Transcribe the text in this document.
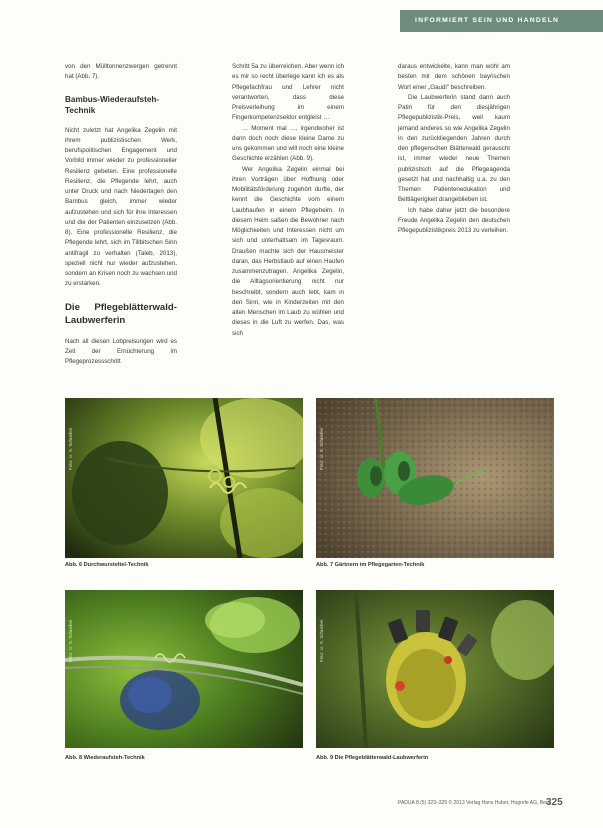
INFORMIERT SEIN UND HANDELN

von den Mülltonnenzwergen getrennt hat (Abb. 7).

Bambus-Wiederaufsteh-Technik

Nicht zuletzt hat Angelika Zegelin mit ihrem publizistischen Werk, berufspolitischen Engagement und Vorbild immer wieder zu professioneller Resilienz gebeten. Eine professionelle Resilienz, die Pflegende lehrt, auch unter Druck und nach Niederlagen den Bambus gleich, immer wieder aufzustehen und sich für ihre Interessen und die der Patienten einzusetzen (Abb. 8). Eine professionelle Resilienz, die Pflegende lehrt, sich im Tillbitschen Sinn antifragil zu verhalten (Taleb, 2013), speziell nicht nur wieder aufzustehen, sondern an Krisen noch zu wachsen und zu erstarken.

Die Pflegeblätterwald-Laubwerferin

Nach all diesen Lobpreisungen wird es Zeit der Ernüchterung im Pflegeprozessschritt

Schritt 5a zu überreichen. Aber wenn ich es mir so recht überlege kann ich es als Pflegefachfrau und Lehrer nicht verantworten, dass diese Preisverleihung im einem Fingerkompetenzsektor entgleist …

… Moment mal …, irgendwoher ist dann doch noch diese kleine Dame zu uns gekommen und will noch eine kleine Geschichte erzählen (Abb. 9).

Wer Angelika Zegelin einmal bei ihren Vorträgen über Hoffnung oder Mobilitätsförderung zugehört durfte, der kennt die Geschichte vom einem Laubhaufen in einem Pflegeheim. In diesem Heim saßen die Bewohner nach Möglichkeiten und Interessen nicht um sich und unterhaltsam im Tagesraum. Draußen machte sich der Hausmeister daran, das Herbstlaub auf einen Haufen zusammenzutragen. Angelika Zegelin, die Alltagsorientierung nicht nur beschreibt, sondern auch lebt, kam in den Sinn, wie in Kinderzeiten mit den alten Menschen im Laub zu wühlen und dieses in die Luft zu werfen. Das, was sich

daraus entwickelte, kann man wohl am besten mit dem schönen bayrischen Wort einer „Gaudi" beschreiben.

Die Laubwerferin stand dann auch Patin für den diesjährigen Pflegepublizistik-Preis, weil kaum jemand anderes so wie Angelika Zegelin in den zurückliegenden Jahren durch den pflegenschen Blätterwald gerauscht ist, immer wieder neue Themen publizistisch auf die Pflegeagenda gesetzt hat und nachhaltig u.a. zu den Themen Patientenedukation und Bettlägerigkeit drangeblieben ist.

Ich habe daher jetzt die besondere Freude Angelika Zegelin den deutschen Pflegepublizistikpreis 2013 zu verleihen.

Foto: © S. Schnebel
Abb. 6 Durchwursteltel-Technik
Foto: © S. Schnebel
Abb. 7 Gärtnern im Pflegegarten-Technik
Foto: © S. Schnebel
Abb. 8 Wiederaufsteh-Technik
Foto: © S. Schnebel
Abb. 9 Die Pflegeblätterwald-Laubwerferin
PADUA 8 (5) 323–325 © 2013 Verlag Hans Huber, Hogrefe AG, Bern
325
